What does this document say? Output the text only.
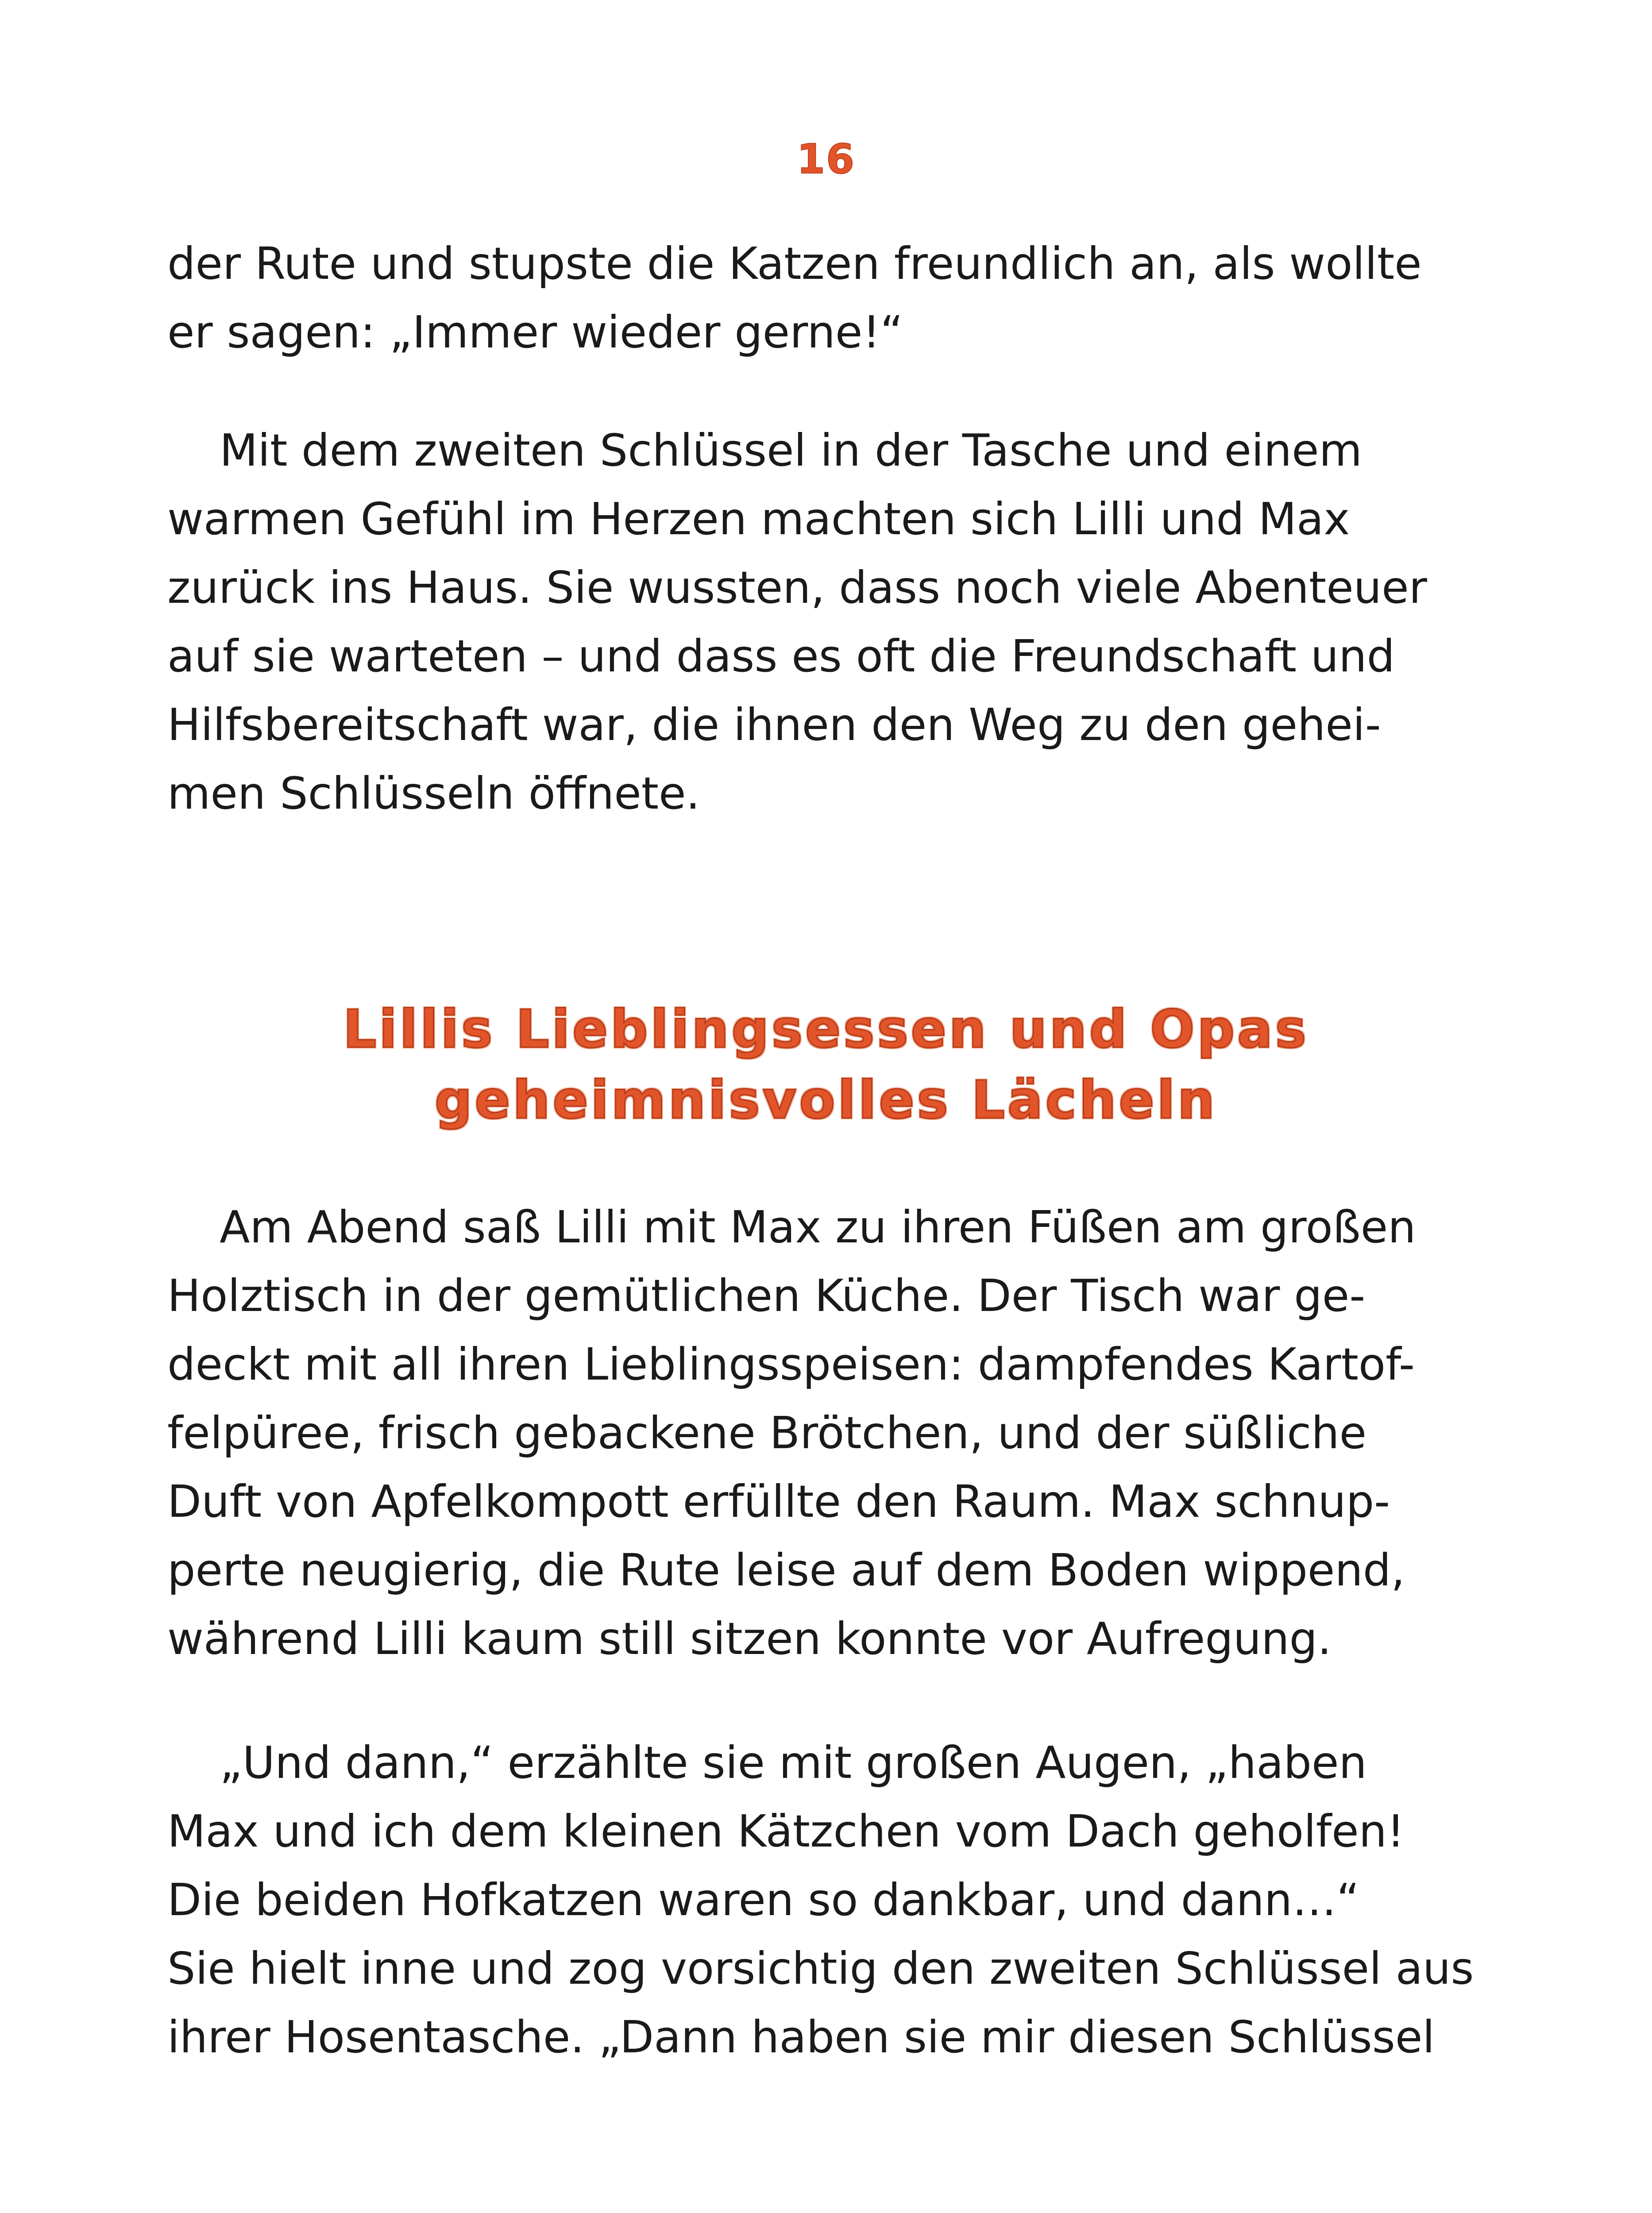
16
der Rute und stupste die Katzen freundlich an, als wollte
er sagen: „Immer wieder gerne!“
Mit dem zweiten Schlüssel in der Tasche und einem
warmen Gefühl im Herzen machten sich Lilli und Max
zurück ins Haus. Sie wussten, dass noch viele Abenteuer
auf sie warteten – und dass es oft die Freundschaft und
Hilfsbereitschaft war, die ihnen den Weg zu den gehei-
men Schlüsseln öffnete.
Lillis Lieblingsessen und Opas
geheimnisvolles Lächeln
Am Abend saß Lilli mit Max zu ihren Füßen am großen
Holztisch in der gemütlichen Küche. Der Tisch war ge-
deckt mit all ihren Lieblingsspeisen: dampfendes Kartof-
felpüree, frisch gebackene Brötchen, und der süßliche
Duft von Apfelkompott erfüllte den Raum. Max schnup-
perte neugierig, die Rute leise auf dem Boden wippend,
während Lilli kaum still sitzen konnte vor Aufregung.
„Und dann,“ erzählte sie mit großen Augen, „haben
Max und ich dem kleinen Kätzchen vom Dach geholfen!
Die beiden Hofkatzen waren so dankbar, und dann…“
Sie hielt inne und zog vorsichtig den zweiten Schlüssel aus
ihrer Hosentasche. „Dann haben sie mir diesen Schlüssel
